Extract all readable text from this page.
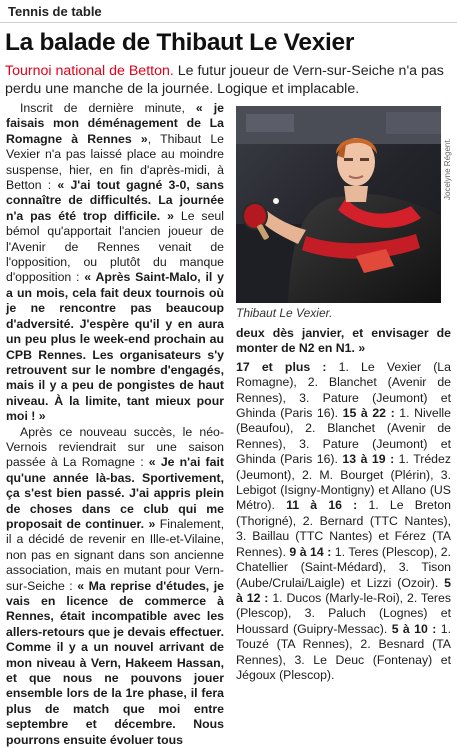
Tennis de table
La balade de Thibaut Le Vexier
Tournoi national de Betton. Le futur joueur de Vern-sur-Seiche n'a pas perdu une manche de la journée. Logique et implacable.

Inscrit de dernière minute, « je faisais mon déménagement de La Romagne à Rennes », Thibaut Le Vexier n'a pas laissé place au moindre suspense, hier, en fin d'après-midi, à Betton : « J'ai tout gagné 3-0, sans connaître de difficultés. La journée n'a pas été trop difficile. » Le seul bémol qu'apportait l'ancien joueur de l'Avenir de Rennes venait de l'opposition, ou plutôt du manque d'opposition : « Après Saint-Malo, il y a un mois, cela fait deux tournois où je ne rencontre pas beaucoup d'adversité. J'espère qu'il y en aura un peu plus le week-end prochain au CPB Rennes. Les organisateurs s'y retrouvent sur le nombre d'engagés, mais il y a peu de pongistes de haut niveau. À la limite, tant mieux pour moi ! »

Après ce nouveau succès, le néo-Vernois reviendrait sur une saison passée à La Romagne : « Je n'ai fait qu'une année là-bas. Sportivement, ça s'est bien passé. J'ai appris plein de choses dans ce club qui me proposait de continuer. » Finalement, il a décidé de revenir en Ille-et-Vilaine, non pas en signant dans son ancienne association, mais en mutant pour Vern-sur-Seiche : « Ma reprise d'études, je vais en licence de commerce à Rennes, était incompatible avec les allers-retours que je devais effectuer. Comme il y a un nouvel arrivant de mon niveau à Vern, Hakeem Hassan, et que nous ne pouvons jouer ensemble lors de la 1re phase, il fera plus de match que moi entre septembre et décembre. Nous pourrons ensuite évoluer tous

Jocelyne Régent.
Thibaut Le Vexier.

deux dès janvier, et envisager de monter de N2 en N1. »

17 et plus : 1. Le Vexier (La Romagne), 2. Blanchet (Avenir de Rennes), 3. Pature (Jeumont) et Ghinda (Paris 16). 15 à 22 : 1. Nivelle (Beaufou), 2. Blanchet (Avenir de Rennes), 3. Pature (Jeumont) et Ghinda (Paris 16). 13 à 19 : 1. Trédez (Jeumont), 2. M. Bourget (Plérin), 3. Lebigot (Isigny-Montigny) et Allano (US Métro). 11 à 16 : 1. Le Breton (Thorigné), 2. Bernard (TTC Nantes), 3. Baillau (TTC Nantes) et Férez (TA Rennes). 9 à 14 : 1. Teres (Plescop), 2. Chatellier (Saint-Médard), 3. Tison (Aube/Crulai/Laigle) et Lizzi (Ozoir). 5 à 12 : 1. Ducos (Marly-le-Roi), 2. Teres (Plescop), 3. Paluch (Lognes) et Houssard (Guipry-Messac). 5 à 10 : 1. Touzé (TA Rennes), 2. Besnard (TA Rennes), 3. Le Deuc (Fontenay) et Jégoux (Plescop).
